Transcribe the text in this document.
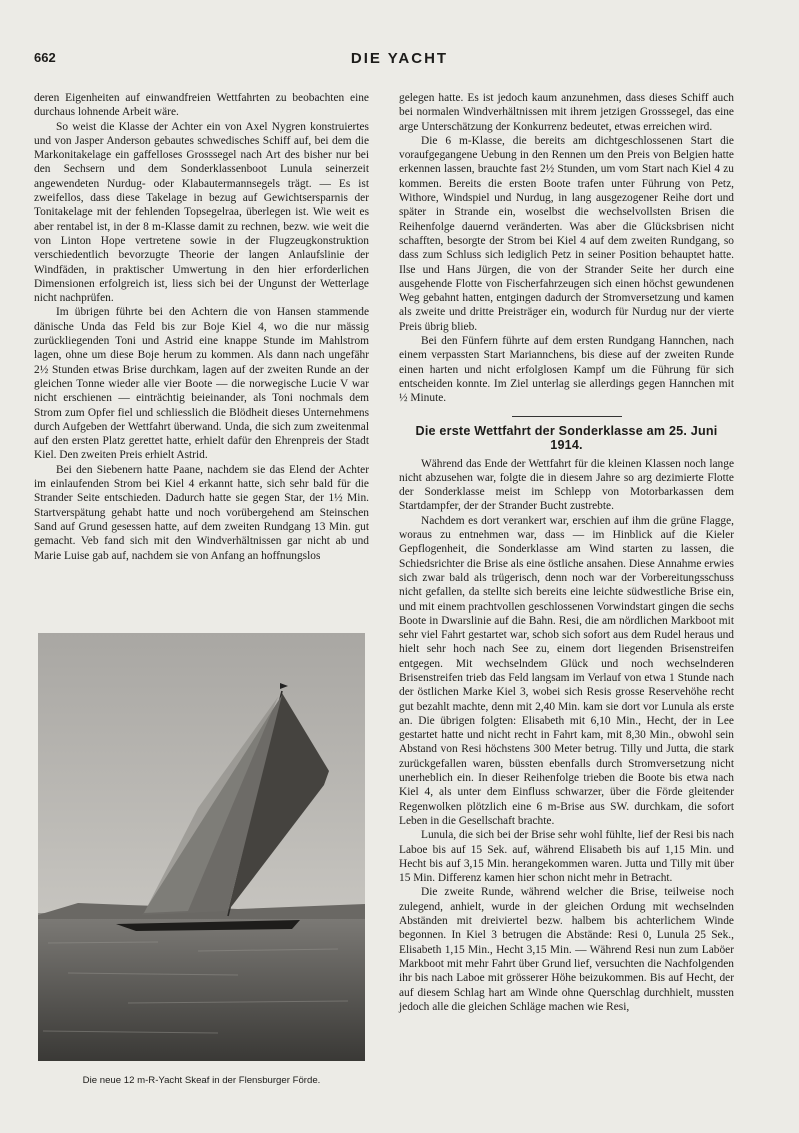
662	DIE YACHT

deren Eigenheiten auf einwandfreien Wettfahrten zu beobachten eine durchaus lohnende Arbeit wäre.

So weist die Klasse der Achter ein von Axel Nygren konstruiertes und von Jasper Anderson gebautes schwedisches Schiff auf, bei dem die Markonitakelage ein gaffelloses Grosssegel nach Art des bisher nur bei den Sechsern und dem Sonderklassenboot Lunula seinerzeit angewendeten Nurdug- oder Klabautermannsegels trägt. — Es ist zweifellos, dass diese Takelage in bezug auf Gewichtsersparnis der Tonitakelage mit der fehlenden Topsegelraa, überlegen ist. Wie weit es aber rentabel ist, in der 8 m-Klasse damit zu rechnen, bezw. wie weit die von Linton Hope vertretene sowie in der Flugzeugkonstruktion verschiedentlich bevorzugte Theorie der langen Anlaufslinie der Windfäden, in praktischer Umwertung in den hier erforderlichen Dimensionen erfolgreich ist, liess sich bei der Ungunst der Wetterlage nicht nachprüfen.

Im übrigen führte bei den Achtern die von Hansen stammende dänische Unda das Feld bis zur Boje Kiel 4, wo die nur mässig zurückliegenden Toni und Astrid eine knappe Stunde im Mahlstrom lagen, ohne um diese Boje herum zu kommen. Als dann nach ungefähr 2½ Stunden etwas Brise durchkam, lagen auf der zweiten Runde an der gleichen Tonne wieder alle vier Boote — die norwegische Lucie V war nicht erschienen — einträchtig beieinander, als Toni nochmals dem Strom zum Opfer fiel und schliesslich die Blödheit dieses Unternehmens durch Aufgeben der Wettfahrt überwand. Unda, die sich zum zweitenmal auf den ersten Platz gerettet hatte, erhielt dafür den Ehrenpreis der Stadt Kiel. Den zweiten Preis erhielt Astrid.

Bei den Siebenern hatte Paane, nachdem sie das Elend der Achter im einlaufenden Strom bei Kiel 4 erkannt hatte, sich sehr bald für die Strander Seite entschieden. Dadurch hatte sie gegen Star, der 1½ Min. Startverspätung gehabt hatte und noch vorübergehend am Steinschen Sand auf Grund gesessen hatte, auf dem zweiten Rundgang 13 Min. gut gemacht. Veb fand sich mit den Windverhältnissen gar nicht ab und Marie Luise gab auf, nachdem sie von Anfang an hoffnungslos

Die neue 12 m-R-Yacht Skeaf in der Flensburger Förde.

gelegen hatte. Es ist jedoch kaum anzunehmen, dass dieses Schiff auch bei normalen Windverhältnissen mit ihrem jetzigen Grosssegel, das eine arge Unterschätzung der Konkurrenz bedeutet, etwas erreichen wird.

Die 6 m-Klasse, die bereits am dichtgeschlossenen Start die voraufgegangene Uebung in den Rennen um den Preis von Belgien hatte erkennen lassen, brauchte fast 2½ Stunden, um vom Start nach Kiel 4 zu kommen. Bereits die ersten Boote trafen unter Führung von Petz, Withore, Windspiel und Nurdug, in lang ausgezogener Reihe dort und später in Strande ein, woselbst die wechselvollsten Brisen die Reihenfolge dauernd veränderten. Was aber die Glücksbrisen nicht schafften, besorgte der Strom bei Kiel 4 auf dem zweiten Rundgang, so dass zum Schluss sich lediglich Petz in seiner Position behauptet hatte. Ilse und Hans Jürgen, die von der Strander Seite her durch eine ausgehende Flotte von Fischerfahrzeugen sich einen höchst gewundenen Weg gebahnt hatten, entgingen dadurch der Stromversetzung und kamen als zweite und dritte Preisträger ein, wodurch für Nurdug nur der vierte Preis übrig blieb.

Bei den Fünfern führte auf dem ersten Rundgang Hannchen, nach einem verpassten Start Mariannchens, bis diese auf der zweiten Runde einen harten und nicht erfolglosen Kampf um die Führung für sich entscheiden konnte. Im Ziel unterlag sie allerdings gegen Hannchen mit ½ Minute.

Die erste Wettfahrt der Sonderklasse am 25. Juni 1914.

Während das Ende der Wettfahrt für die kleinen Klassen noch lange nicht abzusehen war, folgte die in diesem Jahre so arg dezimierte Flotte der Sonderklasse meist im Schlepp von Motorbarkassen dem Startdampfer, der der Strander Bucht zustrebte.

Nachdem es dort verankert war, erschien auf ihm die grüne Flagge, woraus zu entnehmen war, dass — im Hinblick auf die Kieler Gepflogenheit, die Sonderklasse am Wind starten zu lassen, die Schiedsrichter die Brise als eine östliche ansahen. Diese Annahme erwies sich zwar bald als trügerisch, denn noch war der Vorbereitungsschuss nicht gefallen, da stellte sich bereits eine leichte südwestliche Brise ein, und mit einem prachtvollen geschlossenen Vorwindstart gingen die sechs Boote in Dwarslinie auf die Bahn. Resi, die am nördlichen Markboot mit sehr viel Fahrt gestartet war, schob sich sofort aus dem Rudel heraus und hielt sehr hoch nach See zu, einem dort liegenden Brisenstreifen entgegen. Mit wechselndem Glück und noch wechselnderen Brisenstreifen trieb das Feld langsam im Verlauf von etwa 1 Stunde nach der östlichen Marke Kiel 3, wobei sich Resis grosse Reservehöhe recht gut bezahlt machte, denn mit 2,40 Min. kam sie dort vor Lunula als erste an. Die übrigen folgten: Elisabeth mit 6,10 Min., Hecht, der in Lee gestartet hatte und nicht recht in Fahrt kam, mit 8,30 Min., obwohl sein Abstand von Resi höchstens 300 Meter betrug. Tilly und Jutta, die stark zurückgefallen waren, büssten ebenfalls durch Stromversetzung nicht unerheblich ein. In dieser Reihenfolge trieben die Boote bis etwa nach Kiel 4, als unter dem Einfluss schwarzer, über die Förde gleitender Regenwolken plötzlich eine 6 m-Brise aus SW. durchkam, die sofort Leben in die Gesellschaft brachte.

Lunula, die sich bei der Brise sehr wohl fühlte, lief der Resi bis nach Laboe bis auf 15 Sek. auf, während Elisabeth bis auf 1,15 Min. und Hecht bis auf 3,15 Min. herangekommen waren. Jutta und Tilly mit über 15 Min. Differenz kamen hier schon nicht mehr in Betracht.

Die zweite Runde, während welcher die Brise, teilweise noch zulegend, anhielt, wurde in der gleichen Ordung mit wechselnden Abständen mit dreiviertel bezw. halbem bis achterlichem Winde begonnen. In Kiel 3 betrugen die Abstände: Resi 0, Lunula 25 Sek., Elisabeth 1,15 Min., Hecht 3,15 Min. — Während Resi nun zum Laböer Markboot mit mehr Fahrt über Grund lief, versuchten die Nachfolgenden ihr bis nach Laboe mit grösserer Höhe beizukommen. Bis auf Hecht, der auf diesem Schlag hart am Winde ohne Querschlag durchhielt, mussten jedoch alle die gleichen Schläge machen wie Resi,
